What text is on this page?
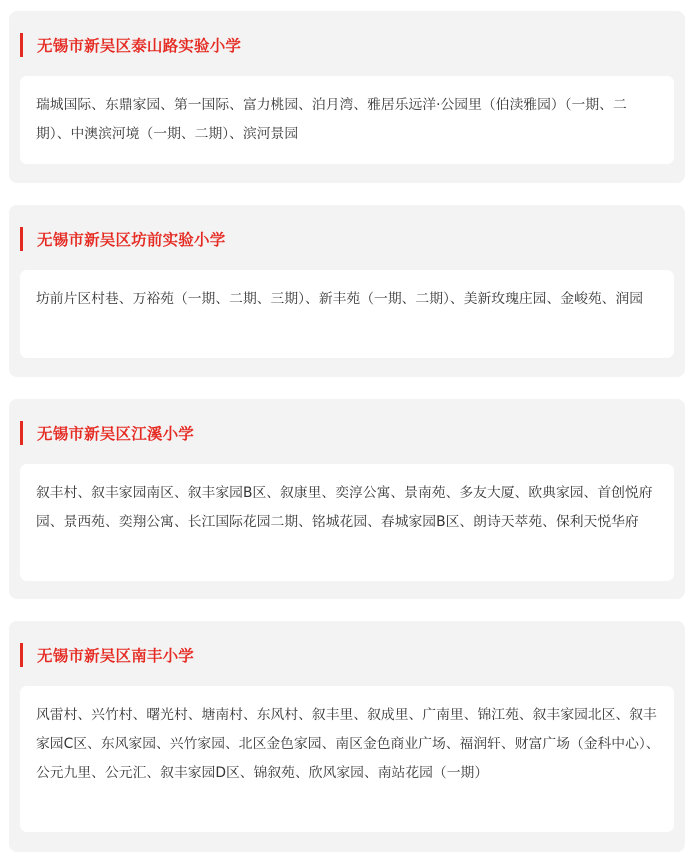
无锡市新吴区泰山路实验小学

瑞城国际、东鼎家园、第一国际、富力桃园、泊月湾、雅居乐远洋·公园里（伯渎雅园）（一期、二期）、中澳滨河境（一期、二期）、滨河景园

无锡市新吴区坊前实验小学

坊前片区村巷、万裕苑（一期、二期、三期）、新丰苑（一期、二期）、美新玫瑰庄园、金峻苑、润园

无锡市新吴区江溪小学

叙丰村、叙丰家园南区、叙丰家园B区、叙康里、奕淳公寓、景南苑、多友大厦、欧典家园、首创悦府园、景西苑、奕翔公寓、长江国际花园二期、铭城花园、春城家园B区、朗诗天萃苑、保利天悦华府

无锡市新吴区南丰小学

风雷村、兴竹村、曙光村、塘南村、东风村、叙丰里、叙成里、广南里、锦江苑、叙丰家园北区、叙丰家园C区、东风家园、兴竹家园、北区金色家园、南区金色商业广场、福润轩、财富广场（金科中心）、公元九里、公元汇、叙丰家园D区、锦叙苑、欣风家园、南站花园（一期）
